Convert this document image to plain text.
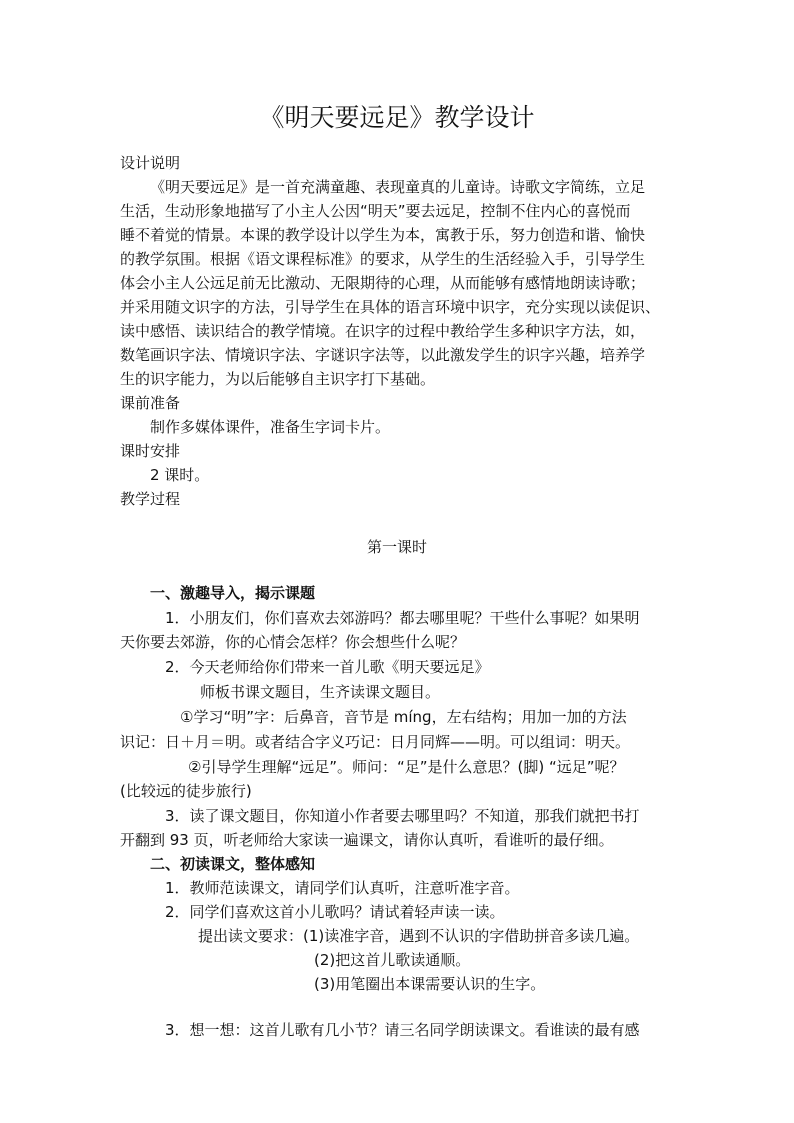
《明天要远足》教学设计
设计说明
《明天要远足》是一首充满童趣、表现童真的儿童诗。诗歌文字简练，立足
生活，生动形象地描写了小主人公因“明天”要去远足，控制不住内心的喜悦而
睡不着觉的情景。本课的教学设计以学生为本，寓教于乐，努力创造和谐、愉快
的教学氛围。根据《语文课程标准》的要求，从学生的生活经验入手，引导学生
体会小主人公远足前无比激动、无限期待的心理，从而能够有感情地朗读诗歌；
并采用随文识字的方法，引导学生在具体的语言环境中识字，充分实现以读促识、
读中感悟、读识结合的教学情境。在识字的过程中教给学生多种识字方法，如，
数笔画识字法、情境识字法、字谜识字法等，以此激发学生的识字兴趣，培养学
生的识字能力，为以后能够自主识字打下基础。
课前准备
制作多媒体课件，准备生字词卡片。
课时安排
2 课时。
教学过程
第一课时
一、激趣导入，揭示课题
1．小朋友们，你们喜欢去郊游吗？都去哪里呢？干些什么事呢？如果明
天你要去郊游，你的心情会怎样？你会想些什么呢？
2．今天老师给你们带来一首儿歌《明天要远足》
师板书课文题目，生齐读课文题目。
①学习“明”字：后鼻音，音节是 mínɡ，左右结构；用加一加的方法
识记：日＋月＝明。或者结合字义巧记：日月同辉——明。可以组词：明天。
②引导学生理解“远足”。师问：“足”是什么意思？(脚) “远足”呢？
(比较远的徒步旅行)
3．读了课文题目，你知道小作者要去哪里吗？不知道，那我们就把书打
开翻到 93 页，听老师给大家读一遍课文，请你认真听，看谁听的最仔细。
二、初读课文，整体感知
1．教师范读课文，请同学们认真听，注意听准字音。
2．同学们喜欢这首小儿歌吗？请试着轻声读一读。
提出读文要求：(1)读准字音，遇到不认识的字借助拼音多读几遍。
(2)把这首儿歌读通顺。
(3)用笔圈出本课需要认识的生字。
3．想一想：这首儿歌有几小节？请三名同学朗读课文。看谁读的最有感
